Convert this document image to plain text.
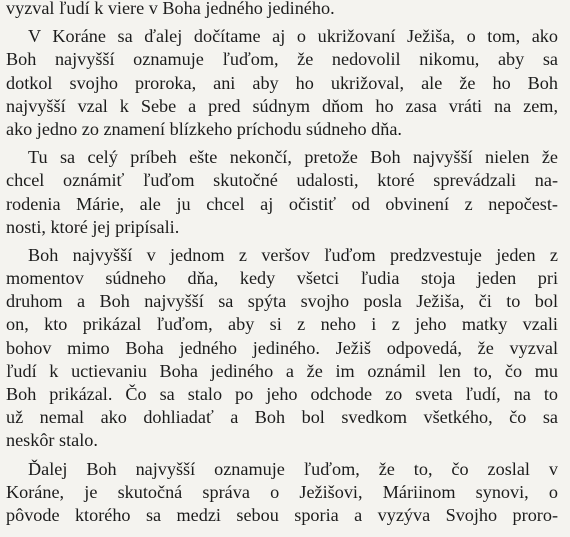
vyzval ľudí k viere v Boha jedného jediného.
V Koráne sa ďalej dočítame aj o ukrižovaní Ježiša, o tom, ako
Boh najvyšší oznamuje ľuďom, že nedovolil nikomu, aby sa
dotkol svojho proroka, ani aby ho ukrižoval, ale že ho Boh
najvyšší vzal k Sebe a pred súdnym dňom ho zasa vráti na zem,
ako jedno zo znamení blízkeho príchodu súdneho dňa.
Tu sa celý príbeh ešte nekončí, pretože Boh najvyšší nielen že
chcel oznámiť ľuďom skutočné udalosti, ktoré sprevádzali na-
rodenia Márie, ale ju chcel aj očistiť od obvinení z nepočest-
nosti, ktoré jej pripísali.
Boh najvyšší v jednom z veršov ľuďom predzvestuje jeden z
momentov súdneho dňa, kedy všetci ľudia stoja jeden pri
druhom a Boh najvyšší sa spýta svojho posla Ježiša, či to bol
on, kto prikázal ľuďom, aby si z neho i z jeho matky vzali
bohov mimo Boha jedného jediného. Ježiš odpovedá, že vyzval
ľudí k uctievaniu Boha jediného a že im oznámil len to, čo mu
Boh prikázal. Čo sa stalo po jeho odchode zo sveta ľudí, na to
už nemal ako dohliadať a Boh bol svedkom všetkého, čo sa
neskôr stalo.
Ďalej Boh najvyšší oznamuje ľuďom, že to, čo zoslal v
Koráne, je skutočná správa o Ježišovi, Máriinom synovi, o
pôvode ktorého sa medzi sebou sporia a vyzýva Svojho proro-
